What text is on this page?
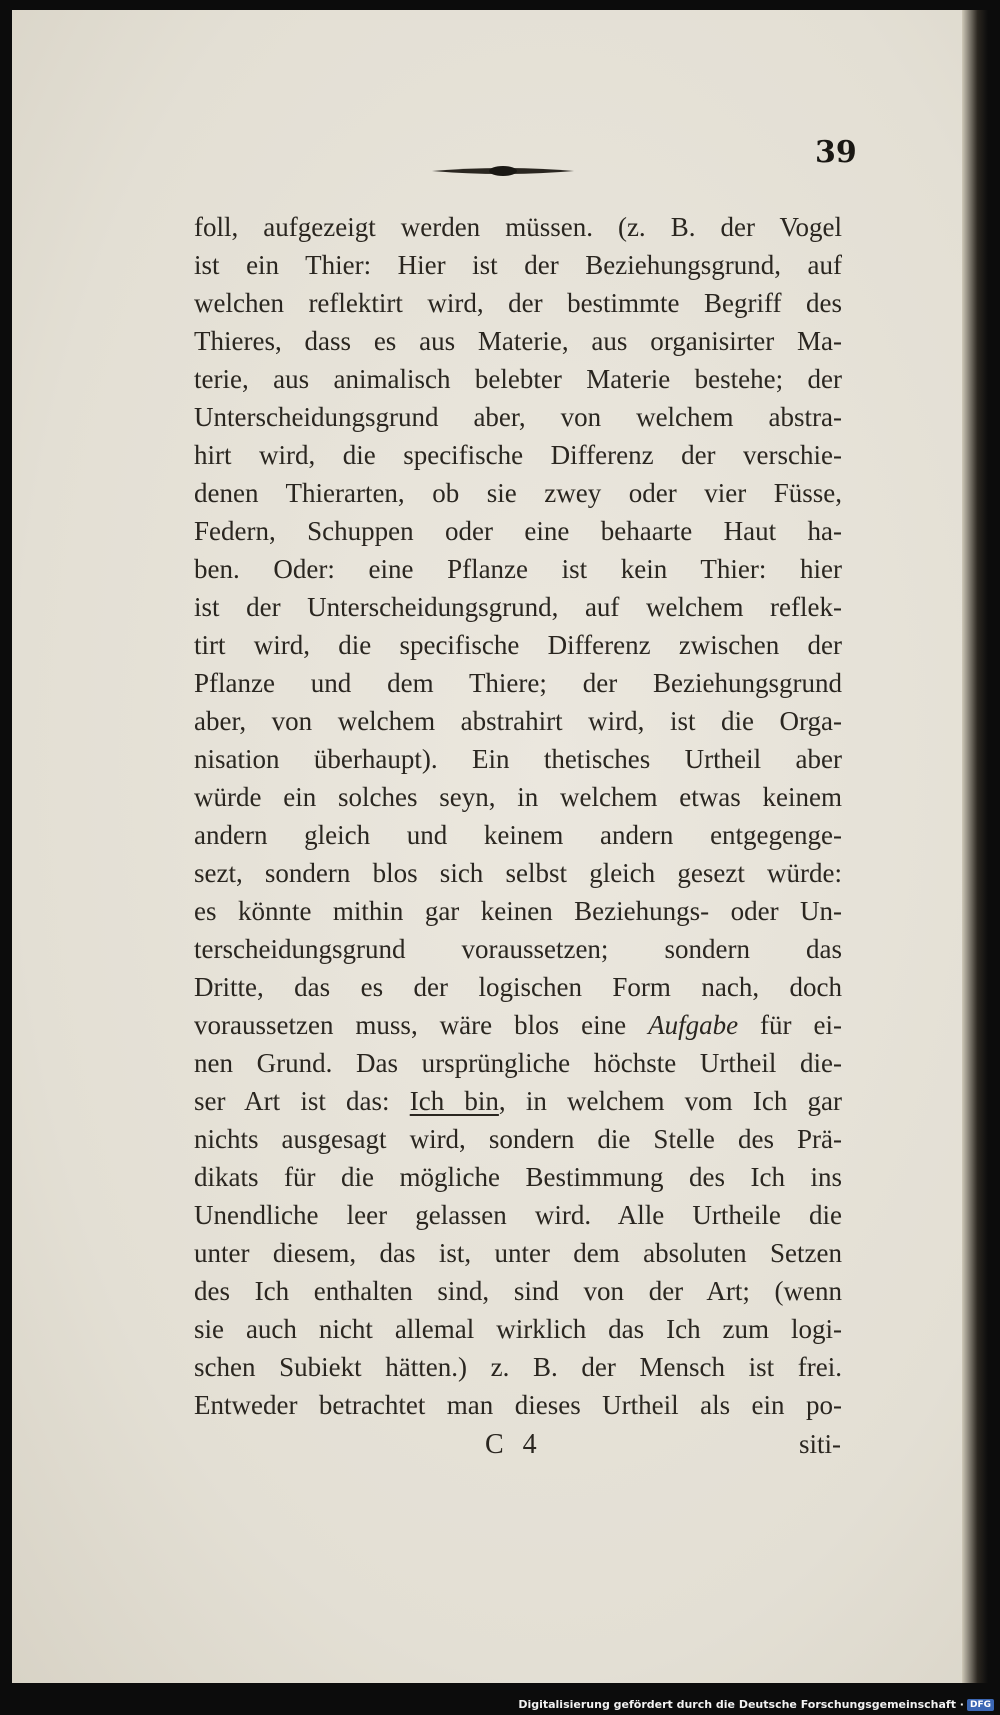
39
foll, aufgezeigt werden müssen. (z. B. der Vogel
ist ein Thier: Hier ist der Beziehungsgrund, auf
welchen reflektirt wird, der bestimmte Begriff des
Thieres, dass es aus Materie, aus organisirter Ma-
terie, aus animalisch belebter Materie bestehe; der
Unterscheidungsgrund aber, von welchem abstra-
hirt wird, die specifische Differenz der verschie-
denen Thierarten, ob sie zwey oder vier Füsse,
Federn, Schuppen oder eine behaarte Haut ha-
ben. Oder: eine Pflanze ist kein Thier: hier
ist der Unterscheidungsgrund, auf welchem reflek-
tirt wird, die specifische Differenz zwischen der
Pflanze und dem Thiere; der Beziehungsgrund
aber, von welchem abstrahirt wird, ist die Orga-
nisation überhaupt). Ein thetisches Urtheil aber
würde ein solches seyn, in welchem etwas keinem
andern gleich und keinem andern entgegenge-
sezt, sondern blos sich selbst gleich gesezt würde:
es könnte mithin gar keinen Beziehungs- oder Un-
terscheidungsgrund voraussetzen; sondern das
Dritte, das es der logischen Form nach, doch
voraussetzen muss, wäre blos eine Aufgabe für ei-
nen Grund. Das ursprüngliche höchste Urtheil die-
ser Art ist das: Ich bin, in welchem vom Ich gar
nichts ausgesagt wird, sondern die Stelle des Prä-
dikats für die mögliche Bestimmung des Ich ins
Unendliche leer gelassen wird. Alle Urtheile die
unter diesem, das ist, unter dem absoluten Setzen
des Ich enthalten sind, sind von der Art; (wenn
sie auch nicht allemal wirklich das Ich zum logi-
schen Subiekt hätten.) z. B. der Mensch ist frei.
Entweder betrachtet man dieses Urtheil als ein po-
C 4	siti-
Digitalisierung gefördert durch die Deutsche Forschungsgemeinschaft · DFG
